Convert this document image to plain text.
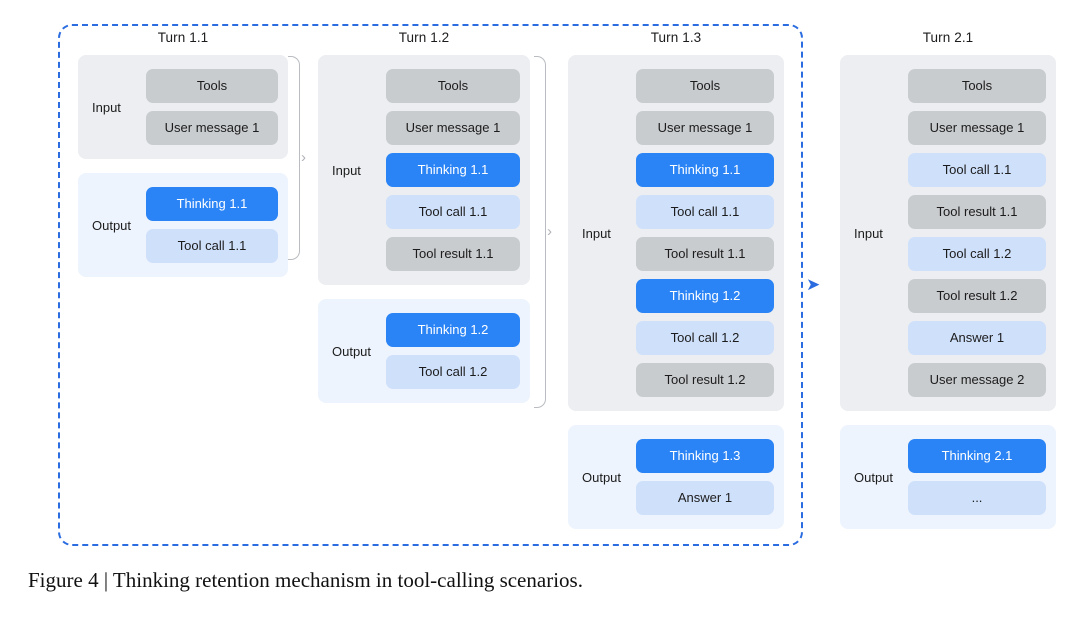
Turn 1.1
Input
Tools
User message 1
Output
Thinking 1.1
Tool call 1.1
Turn 1.2
Input
Tools
User message 1
Thinking 1.1
Tool call 1.1
Tool result 1.1
Output
Thinking 1.2
Tool call 1.2
Turn 1.3
Input
Tools
User message 1
Thinking 1.1
Tool call 1.1
Tool result 1.1
Thinking 1.2
Tool call 1.2
Tool result 1.2
Output
Thinking 1.3
Answer 1
Turn 2.1
Input
Tools
User message 1
Tool call 1.1
Tool result 1.1
Tool call 1.2
Tool result 1.2
Answer 1
User message 2
Output
Thinking 2.1
...
›
›
➤
Figure 4 | Thinking retention mechanism in tool-calling scenarios.
